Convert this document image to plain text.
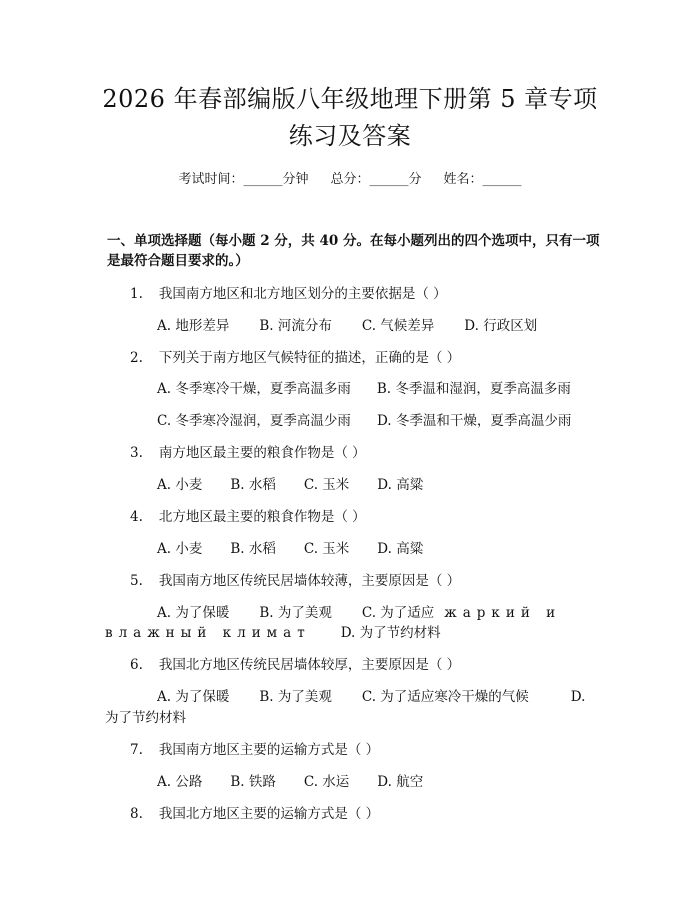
2026 年春部编版八年级地理下册第 5 章专项
练习及答案
考试时间：______分钟 总分：______分 姓名：______
一、单项选择题（每小题 2 分，共 40 分。在每小题列出的四个选项中，只有一项
是最符合题目要求的。）
1. 我国南方地区和北方地区划分的主要依据是（ ）
A. 地形差异 B. 河流分布 C. 气候差异 D. 行政区划
2. 下列关于南方地区气候特征的描述，正确的是（ ）
A. 冬季寒冷干燥，夏季高温多雨 B. 冬季温和湿润，夏季高温多雨
C. 冬季寒冷湿润，夏季高温少雨 D. 冬季温和干燥，夏季高温少雨
3. 南方地区最主要的粮食作物是（ ）
A. 小麦 B. 水稻 C. 玉米 D. 高粱
4. 北方地区最主要的粮食作物是（ ）
A. 小麦 B. 水稻 C. 玉米 D. 高粱
5. 我国南方地区传统民居墙体较薄，主要原因是（ ）
A. 为了保暖 B. 为了美观 C. 为了适应 жаркий и
влажный климат D. 为了节约材料
6. 我国北方地区传统民居墙体较厚，主要原因是（ ）
A. 为了保暖 B. 为了美观 C. 为了适应寒冷干燥的气候	D.
为了节约材料
7. 我国南方地区主要的运输方式是（ ）
A. 公路 B. 铁路 C. 水运 D. 航空
8. 我国北方地区主要的运输方式是（ ）
